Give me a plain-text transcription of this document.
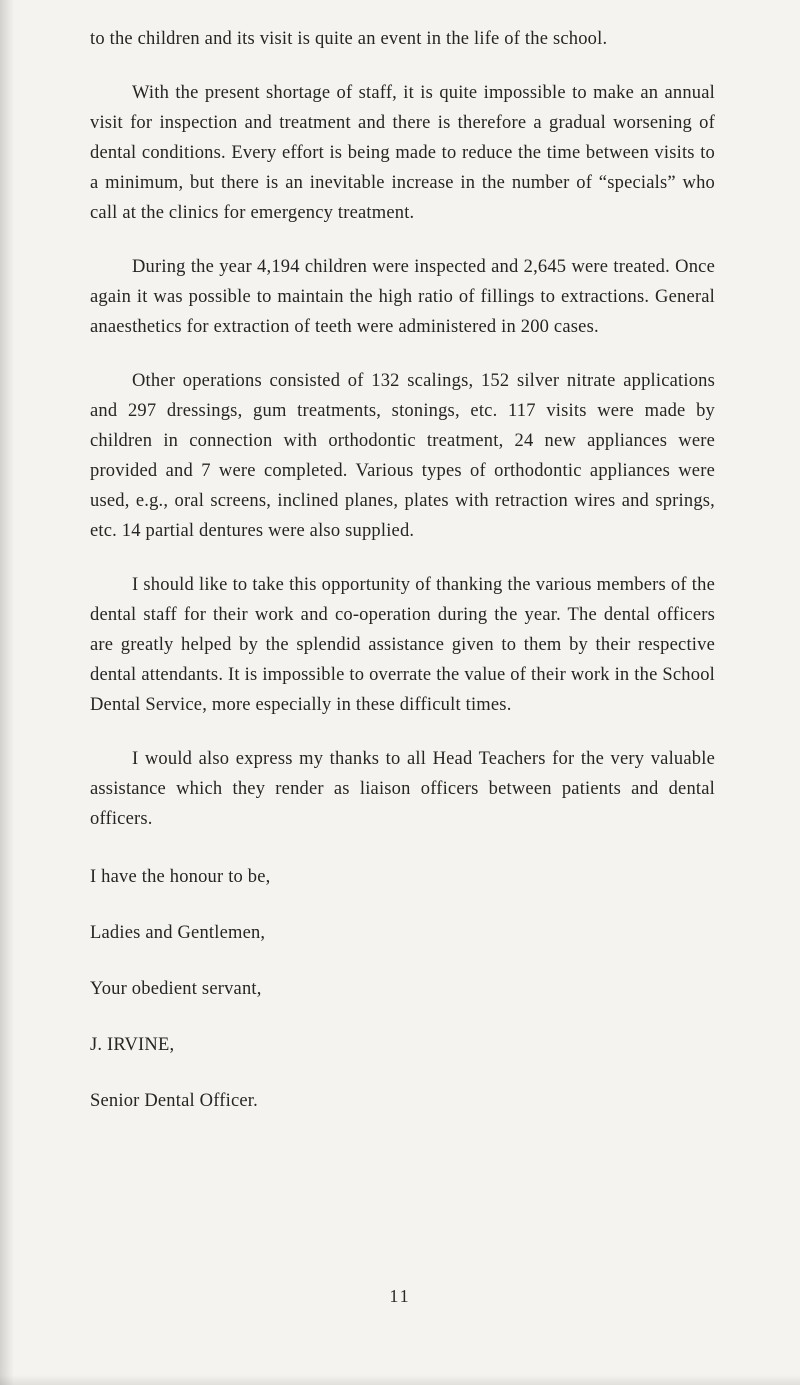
to the children and its visit is quite an event in the life of the school.

With the present shortage of staff, it is quite impossible to make an annual visit for inspection and treatment and there is therefore a gradual worsening of dental conditions. Every effort is being made to reduce the time between visits to a minimum, but there is an inevitable increase in the number of “specials” who call at the clinics for emergency treatment.

During the year 4,194 children were inspected and 2,645 were treated. Once again it was possible to maintain the high ratio of fillings to extractions. General anaesthetics for extraction of teeth were administered in 200 cases.

Other operations consisted of 132 scalings, 152 silver nitrate applications and 297 dressings, gum treatments, stonings, etc. 117 visits were made by children in connection with orthodontic treatment, 24 new appliances were provided and 7 were completed. Various types of orthodontic appliances were used, e.g., oral screens, inclined planes, plates with retraction wires and springs, etc. 14 partial dentures were also supplied.

I should like to take this opportunity of thanking the various members of the dental staff for their work and co-operation during the year. The dental officers are greatly helped by the splendid assistance given to them by their respective dental attendants. It is impossible to overrate the value of their work in the School Dental Service, more especially in these difficult times.

I would also express my thanks to all Head Teachers for the very valuable assistance which they render as liaison officers between patients and dental officers.

I have the honour to be,

Ladies and Gentlemen,

Your obedient servant,

J. IRVINE,

Senior Dental Officer.

11
